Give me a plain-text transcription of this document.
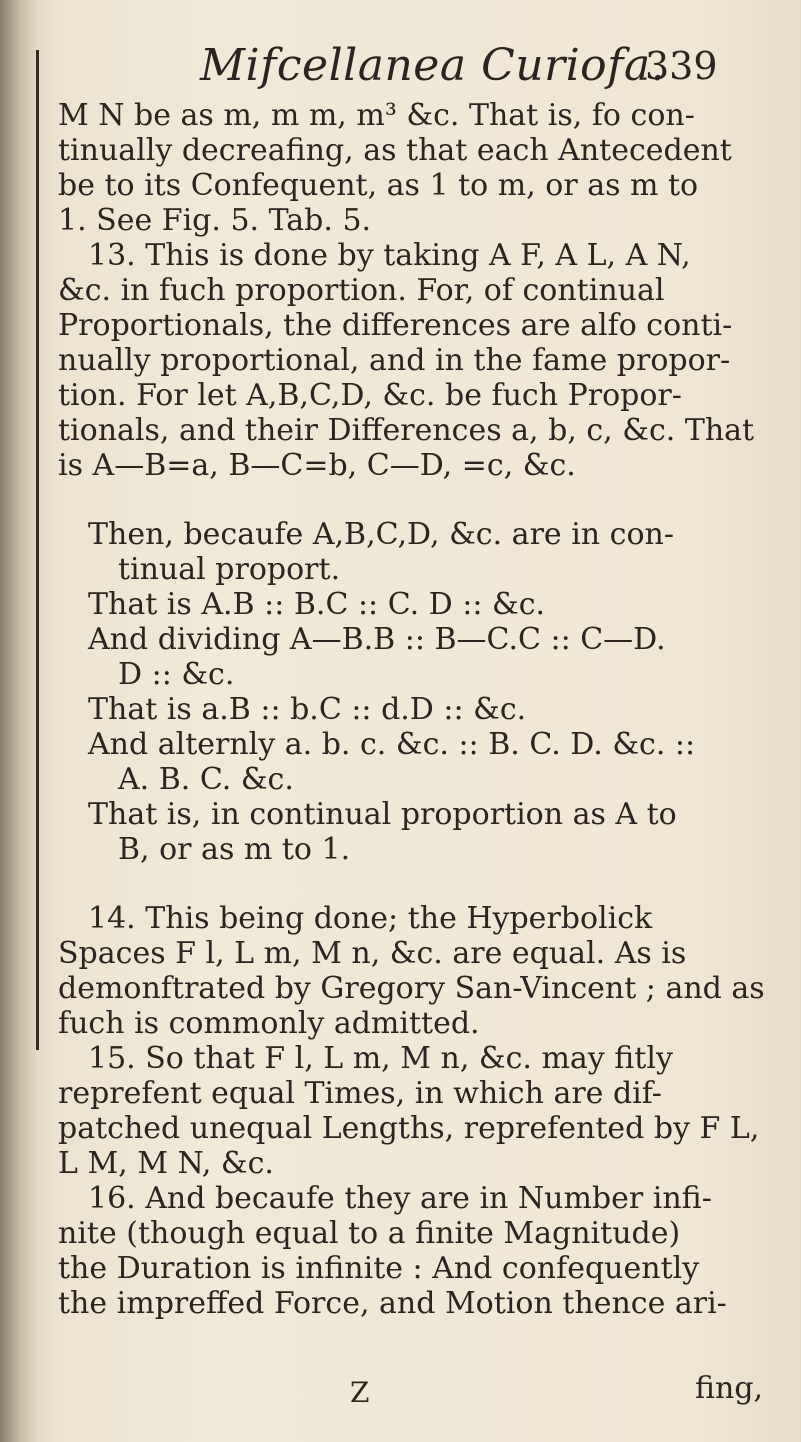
Mifcellanea Curiofa.
339
M N be as m, m m, m³ &c. That is, fo con-
tinually decreafing, as that each Antecedent
be to its Confequent, as 1 to m, or as m to
1. See Fig. 5. Tab. 5.
13. This is done by taking A F, A L, A N,
&c. in fuch proportion. For, of continual
Proportionals, the differences are alfo conti-
nually proportional, and in the fame propor-
tion. For let A,B,C,D, &c. be fuch Propor-
tionals, and their Differences a, b, c, &c. That
is A—B=a, B—C=b, C—D, =c, &c.
Then, becaufe A,B,C,D, &c. are in con-
tinual proport.
That is A.B :: B.C :: C. D :: &c.
And dividing A—B.B :: B—C.C :: C—D.
D :: &c.
That is a.B :: b.C :: d.D :: &c.
And alternly a. b. c. &c. :: B. C. D. &c. ::
A. B. C. &c.
That is, in continual proportion as A to
B, or as m to 1.
14. This being done; the Hyperbolick
Spaces F l, L m, M n, &c. are equal. As is
demonftrated by Gregory San-Vincent ; and as
fuch is commonly admitted.
15. So that F l, L m, M n, &c. may fitly
reprefent equal Times, in which are dif-
patched unequal Lengths, reprefented by F L,
L M, M N, &c.
16. And becaufe they are in Number infi-
nite (though equal to a finite Magnitude)
the Duration is infinite : And confequently
the impreffed Force, and Motion thence ari-
Z	fing,
